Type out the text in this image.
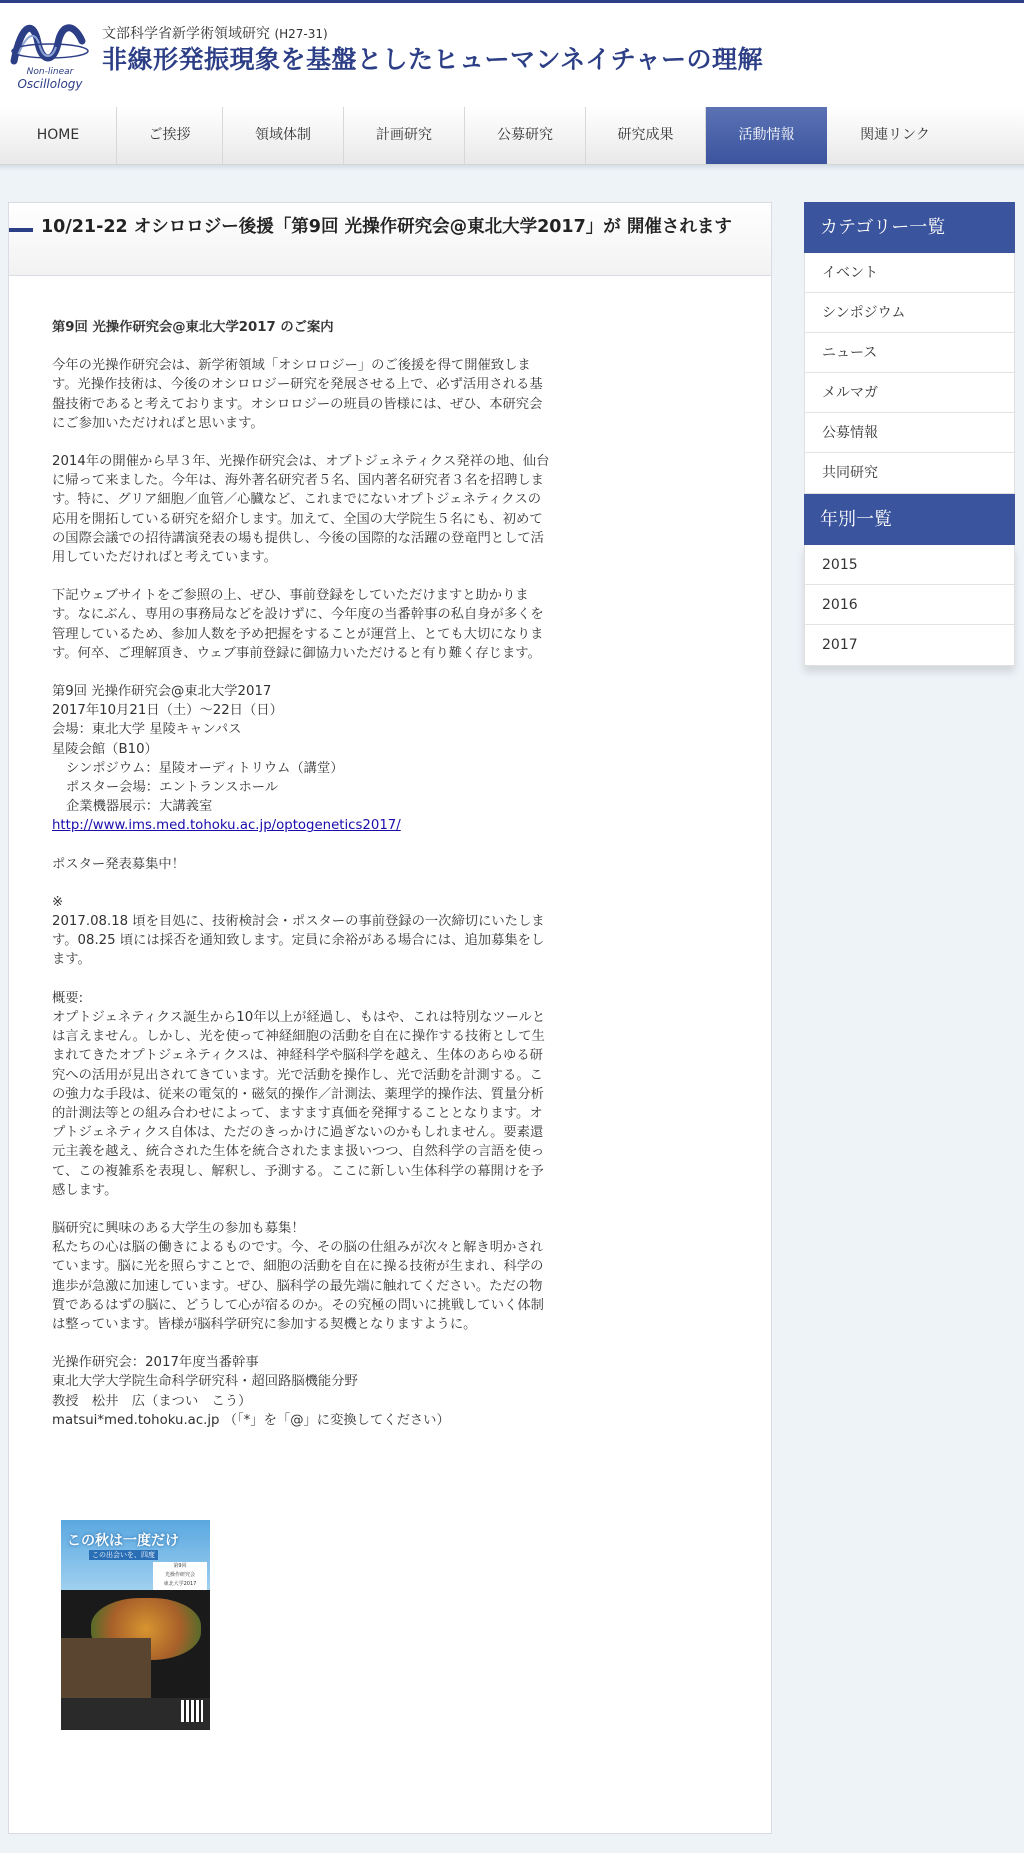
Non-linear
Oscillology
文部科学省新学術領域研究 (H27-31)
非線形発振現象を基盤としたヒューマンネイチャーの理解
HOME	ご挨拶	領域体制	計画研究	公募研究	研究成果	活動情報	関連リンク
10/21-22 オシロロジー後援「第9回 光操作研究会@東北大学2017」が 開催されます

第9回 光操作研究会@東北大学2017 のご案内

今年の光操作研究会は、新学術領域「オシロロジー」のご後援を得て開催致します。光操作技術は、今後のオシロロジー研究を発展させる上で、必ず活用される基盤技術であると考えております。オシロロジーの班員の皆様には、ぜひ、本研究会にご参加いただければと思います。

2014年の開催から早３年、光操作研究会は、オプトジェネティクス発祥の地、仙台に帰って来ました。今年は、海外著名研究者５名、国内著名研究者３名を招聘します。特に、グリア細胞／血管／心臓など、これまでにないオプトジェネティクスの応用を開拓している研究を紹介します。加えて、全国の大学院生５名にも、初めての国際会議での招待講演発表の場も提供し、今後の国際的な活躍の登竜門として活用していただければと考えています。

下記ウェブサイトをご参照の上、ぜひ、事前登録をしていただけますと助かります。なにぶん、専用の事務局などを設けずに、今年度の当番幹事の私自身が多くを管理しているため、参加人数を予め把握をすることが運営上、とても大切になります。何卒、ご理解頂き、ウェブ事前登録に御協力いただけると有り難く存じます。

第9回 光操作研究会@東北大学2017

2017年10月21日（土）〜22日（日）

会場：東北大学 星陵キャンパス

星陵会館（B10）

シンポジウム：星陵オーディトリウム（講堂）

ポスター会場：エントランスホール

企業機器展示：大講義室

http://www.ims.med.tohoku.ac.jp/optogenetics2017/

ポスター発表募集中！

※

2017.08.18 頃を目処に、技術検討会・ポスターの事前登録の一次締切にいたします。08.25 頃には採否を通知致します。定員に余裕がある場合には、追加募集をします。

概要:

オプトジェネティクス誕生から10年以上が経過し、もはや、これは特別なツールとは言えません。しかし、光を使って神経細胞の活動を自在に操作する技術として生まれてきたオプトジェネティクスは、神経科学や脳科学を越え、生体のあらゆる研究への活用が見出されてきています。光で活動を操作し、光で活動を計測する。この強力な手段は、従来の電気的・磁気的操作／計測法、薬理学的操作法、質量分析的計測法等との組み合わせによって、ますます真価を発揮することとなります。オプトジェネティクス自体は、ただのきっかけに過ぎないのかもしれません。要素還元主義を越え、統合された生体を統合されたまま扱いつつ、自然科学の言語を使って、この複雑系を表現し、解釈し、予測する。ここに新しい生体科学の幕開けを予感します。

脳研究に興味のある大学生の参加も募集！

私たちの心は脳の働きによるものです。今、その脳の仕組みが次々と解き明かされています。脳に光を照らすことで、細胞の活動を自在に操る技術が生まれ、科学の進歩が急激に加速しています。ぜひ、脳科学の最先端に触れてください。ただの物質であるはずの脳に、どうして心が宿るのか。その究極の問いに挑戦していく体制は整っています。皆様が脳科学研究に参加する契機となりますように。

光操作研究会：2017年度当番幹事

東北大学大学院生命科学研究科・超回路脳機能分野

教授　松井　広（まつい　こう）

matsui*med.tohoku.ac.jp （「*」を「@」に変換してください）

この秋は一度だけ
この出会いを、四度
第9回
光操作研究会
東北大学2017
カテゴリー一覧
イベント
シンポジウム
ニュース
メルマガ
公募情報
共同研究
年別一覧
2015
2016
2017
